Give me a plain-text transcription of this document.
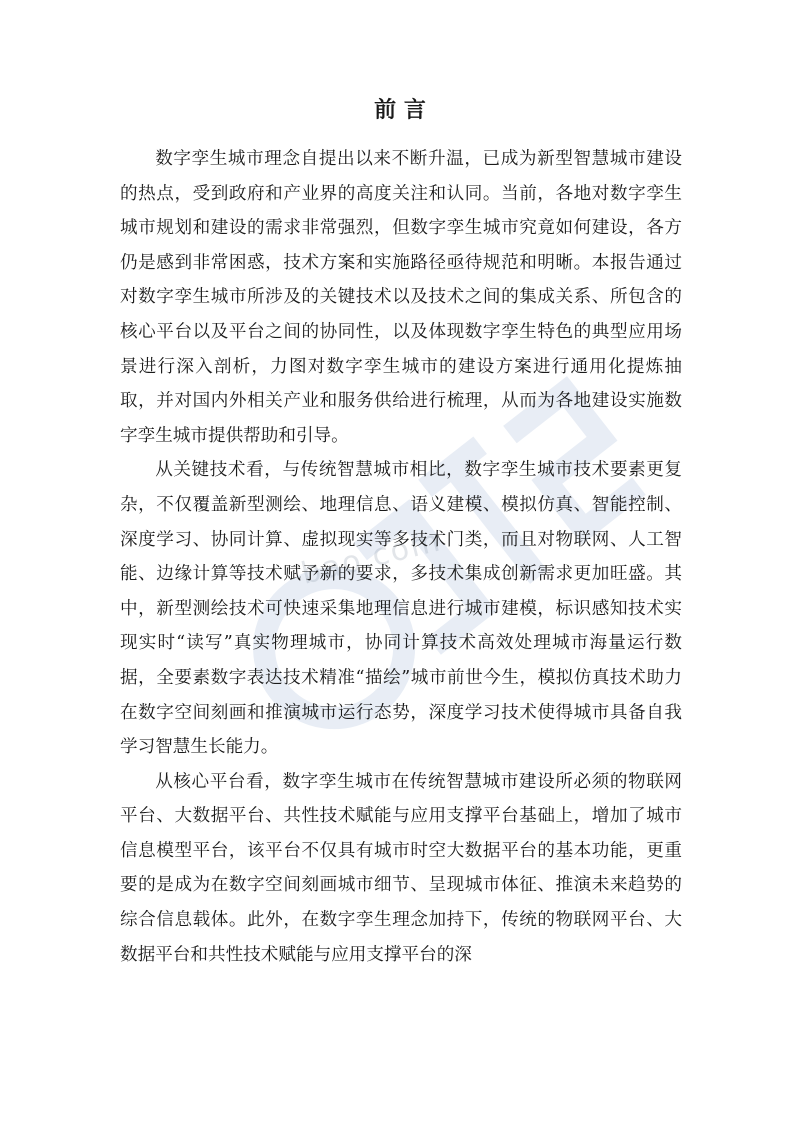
bao.com
前 言

数字孪生城市理念自提出以来不断升温，已成为新型智慧城市建设的热点，受到政府和产业界的高度关注和认同。当前，各地对数字孪生城市规划和建设的需求非常强烈，但数字孪生城市究竟如何建设，各方仍是感到非常困惑，技术方案和实施路径亟待规范和明晰。本报告通过对数字孪生城市所涉及的关键技术以及技术之间的集成关系、所包含的核心平台以及平台之间的协同性，以及体现数字孪生特色的典型应用场景进行深入剖析，力图对数字孪生城市的建设方案进行通用化提炼抽取，并对国内外相关产业和服务供给进行梳理，从而为各地建设实施数字孪生城市提供帮助和引导。

从关键技术看，与传统智慧城市相比，数字孪生城市技术要素更复杂，不仅覆盖新型测绘、地理信息、语义建模、模拟仿真、智能控制、深度学习、协同计算、虚拟现实等多技术门类，而且对物联网、人工智能、边缘计算等技术赋予新的要求，多技术集成创新需求更加旺盛。其中，新型测绘技术可快速采集地理信息进行城市建模，标识感知技术实现实时“读写”真实物理城市，协同计算技术高效处理城市海量运行数据，全要素数字表达技术精准“描绘”城市前世今生，模拟仿真技术助力在数字空间刻画和推演城市运行态势，深度学习技术使得城市具备自我学习智慧生长能力。

从核心平台看，数字孪生城市在传统智慧城市建设所必须的物联网平台、大数据平台、共性技术赋能与应用支撑平台基础上，增加了城市信息模型平台，该平台不仅具有城市时空大数据平台的基本功能，更重要的是成为在数字空间刻画城市细节、呈现城市体征、推演未来趋势的综合信息载体。此外，在数字孪生理念加持下，传统的物联网平台、大数据平台和共性技术赋能与应用支撑平台的深
